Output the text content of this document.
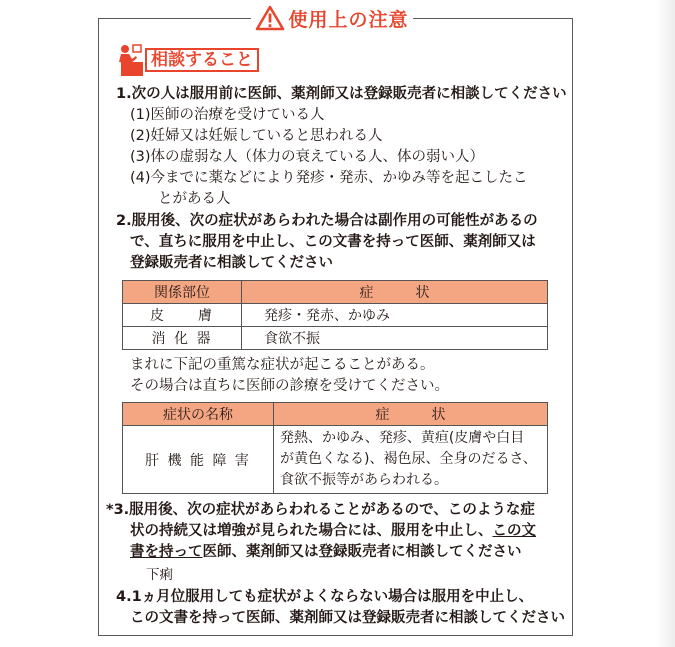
使用上の注意
相談すること
1.次の人は服用前に医師、薬剤師又は登録販売者に相談してください
(1)医師の治療を受けている人
(2)妊婦又は妊娠していると思われる人
(3)体の虚弱な人（体力の衰えている人、体の弱い人）
(4)今までに薬などにより発疹・発赤、かゆみ等を起こしたこ
とがある人
2.服用後、次の症状があらわれた場合は副作用の可能性があるの
で、直ちに服用を中止し、この文書を持って医師、薬剤師又は
登録販売者に相談してください
関係部位	症　　　状
皮　　膚	発疹・発赤、かゆみ
消 化 器	食欲不振
まれに下記の重篤な症状が起こることがある。
その場合は直ちに医師の診療を受けてください。
症状の名称	症　　　状
肝 機 能 障 害	発熱、かゆみ、発疹、黄疸(皮膚や白目
が黄色くなる)、褐色尿、全身のだるさ、
食欲不振等があらわれる。
*3.服用後、次の症状があらわれることがあるので、このような症
状の持続又は増強が見られた場合には、服用を中止し、この文
書を持って医師、薬剤師又は登録販売者に相談してください
下痢
4.1ヵ月位服用しても症状がよくならない場合は服用を中止し、
この文書を持って医師、薬剤師又は登録販売者に相談してください
